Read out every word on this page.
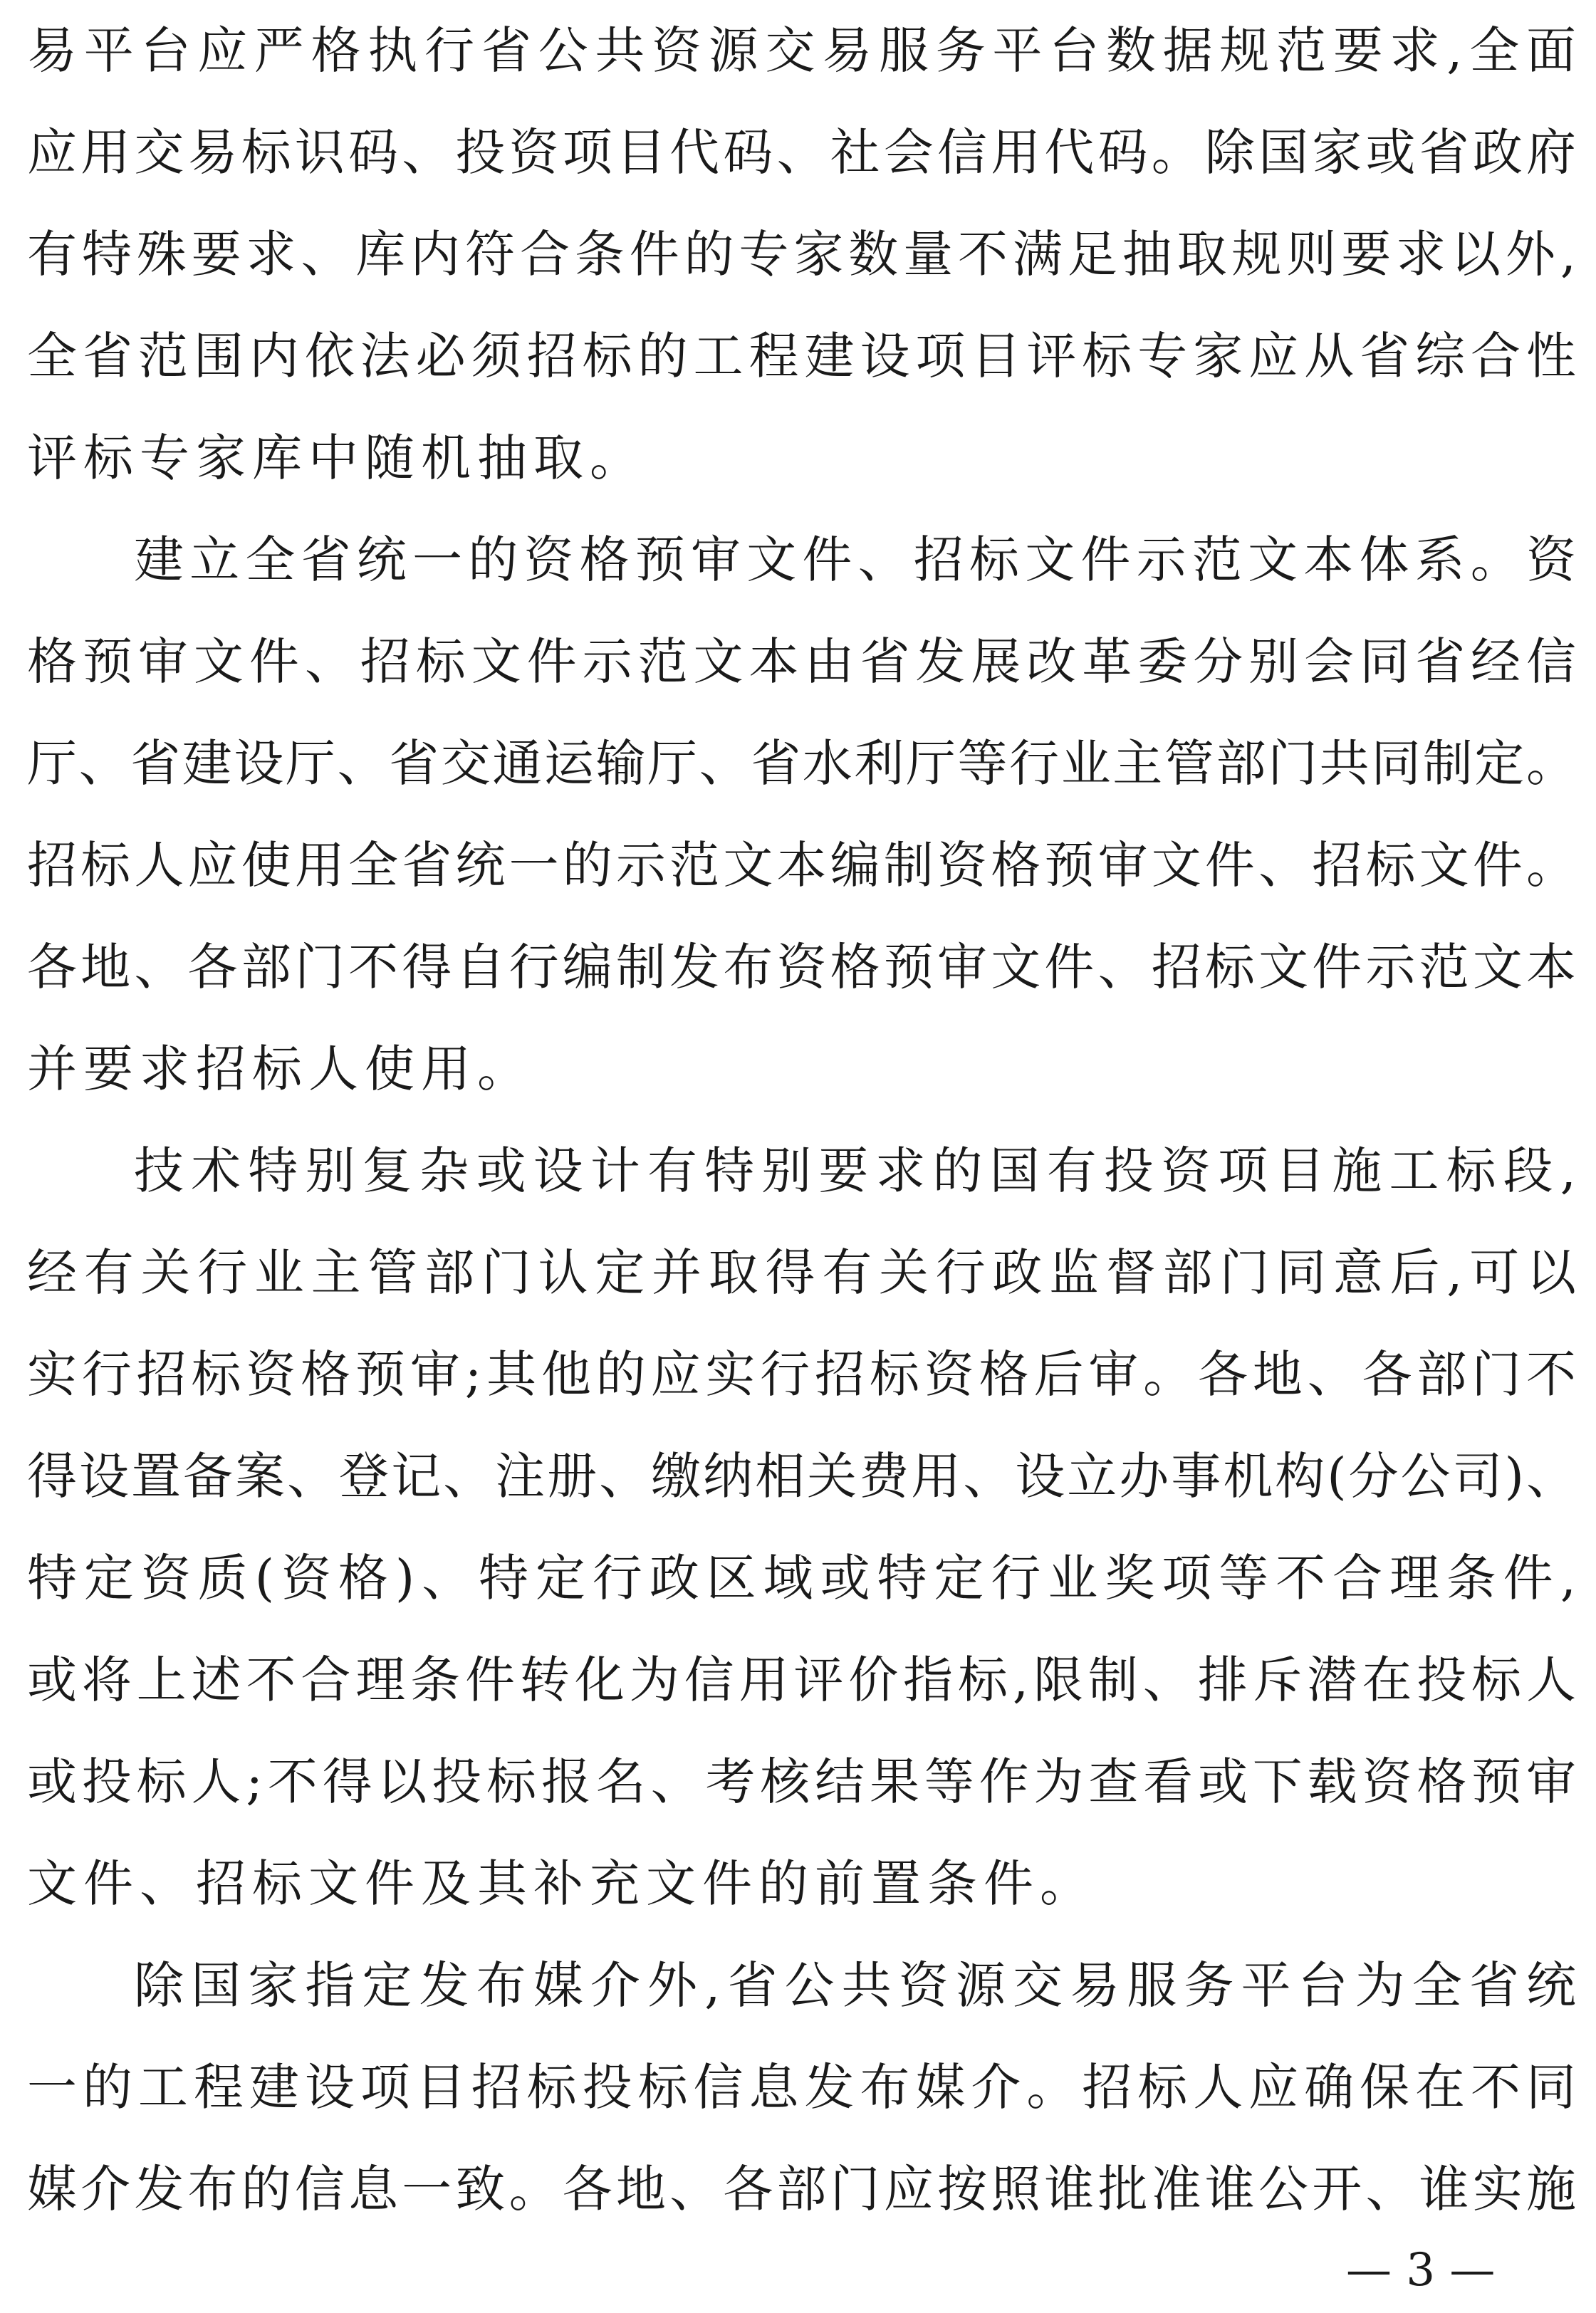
易平台应严格执行省公共资源交易服务平台数据规范要求,全面
应用交易标识码、投资项目代码、社会信用代码。除国家或省政府
有特殊要求、库内符合条件的专家数量不满足抽取规则要求以外,
全省范围内依法必须招标的工程建设项目评标专家应从省综合性
评标专家库中随机抽取。
建立全省统一的资格预审文件、招标文件示范文本体系。资
格预审文件、招标文件示范文本由省发展改革委分别会同省经信
厅、省建设厅、省交通运输厅、省水利厅等行业主管部门共同制定。
招标人应使用全省统一的示范文本编制资格预审文件、招标文件。
各地、各部门不得自行编制发布资格预审文件、招标文件示范文本
并要求招标人使用。
技术特别复杂或设计有特别要求的国有投资项目施工标段,
经有关行业主管部门认定并取得有关行政监督部门同意后,可以
实行招标资格预审;其他的应实行招标资格后审。各地、各部门不
得设置备案、登记、注册、缴纳相关费用、设立办事机构(分公司)、
特定资质(资格)、特定行政区域或特定行业奖项等不合理条件,
或将上述不合理条件转化为信用评价指标,限制、排斥潜在投标人
或投标人;不得以投标报名、考核结果等作为查看或下载资格预审
文件、招标文件及其补充文件的前置条件。
除国家指定发布媒介外,省公共资源交易服务平台为全省统
一的工程建设项目招标投标信息发布媒介。招标人应确保在不同
媒介发布的信息一致。各地、各部门应按照谁批准谁公开、谁实施
— 3 —
